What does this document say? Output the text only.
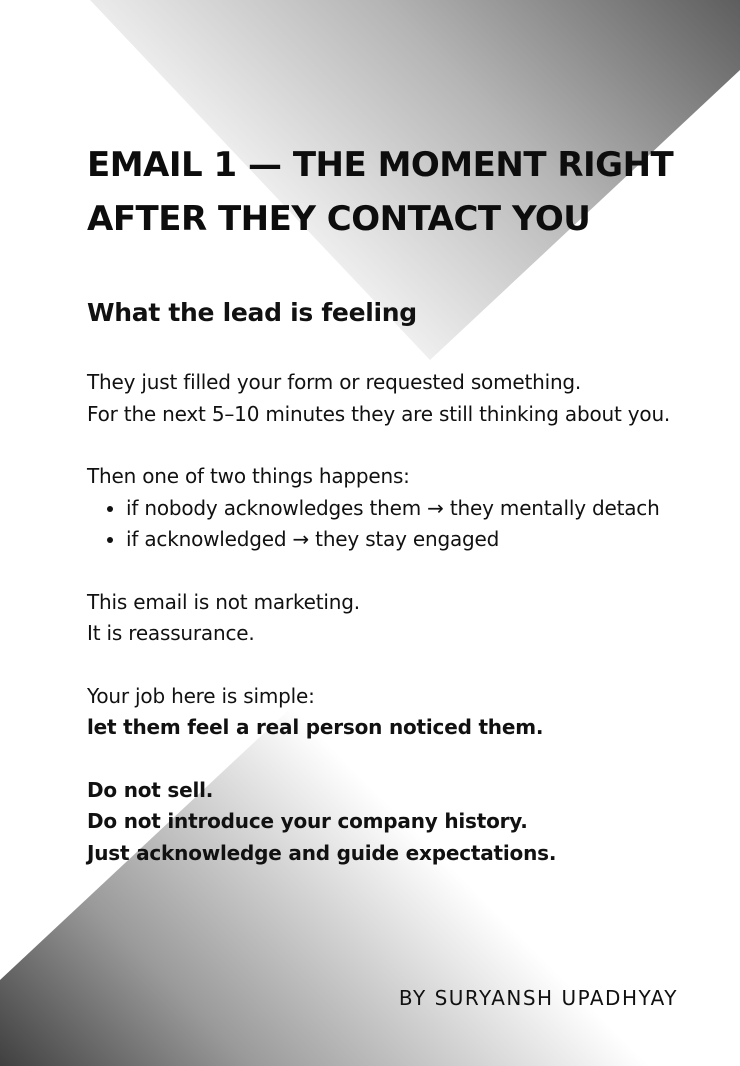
EMAIL 1 — THE MOMENT RIGHT
AFTER THEY CONTACT YOU
What the lead is feeling

They just filled your form or requested something.

For the next 5–10 minutes they are still thinking about you.

Then one of two things happens:

• if nobody acknowledges them → they mentally detach
• if acknowledged → they stay engaged

This email is not marketing.

It is reassurance.

Your job here is simple:

let them feel a real person noticed them.

Do not sell.

Do not introduce your company history.

Just acknowledge and guide expectations.

BY SURYANSH UPADHYAY
